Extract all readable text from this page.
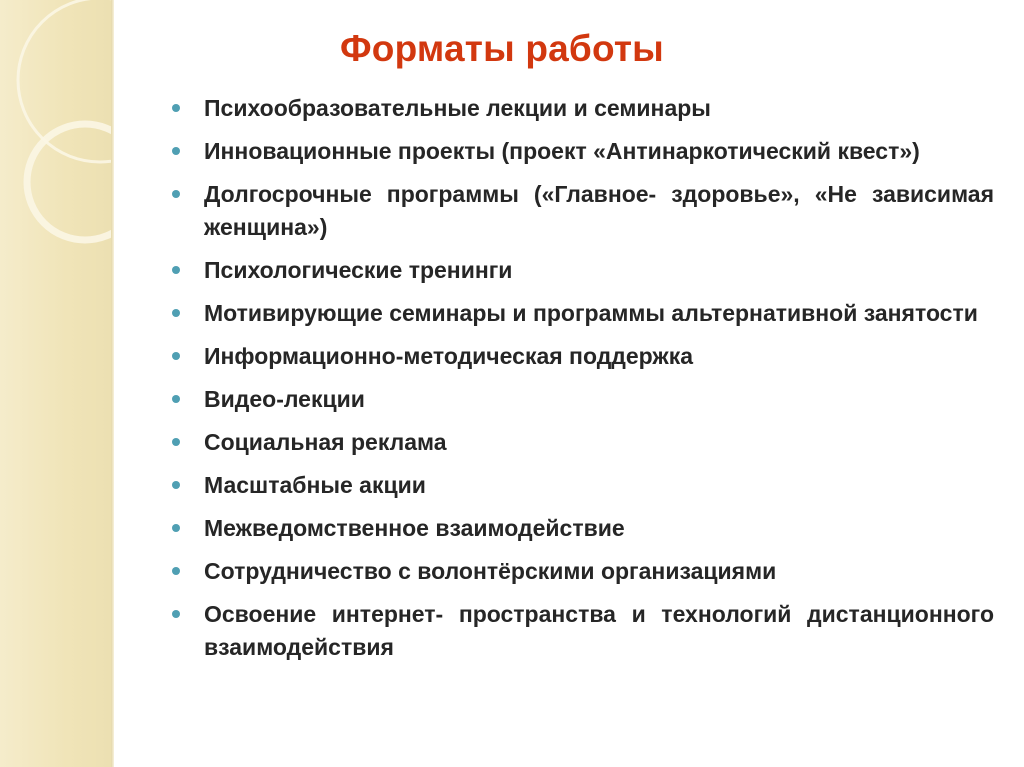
Форматы работы
Психообразовательные лекции и семинары
Инновационные проекты (проект «Антинаркотический квест»)
Долгосрочные программы («Главное- здоровье», «Не зависимая женщина»)
Психологические тренинги
Мотивирующие семинары и программы альтернативной занятости
Информационно-методическая поддержка
Видео-лекции
Социальная реклама
Масштабные акции
Межведомственное взаимодействие
Сотрудничество с волонтёрскими организациями
Освоение интернет- пространства и технологий дистанционного взаимодействия
